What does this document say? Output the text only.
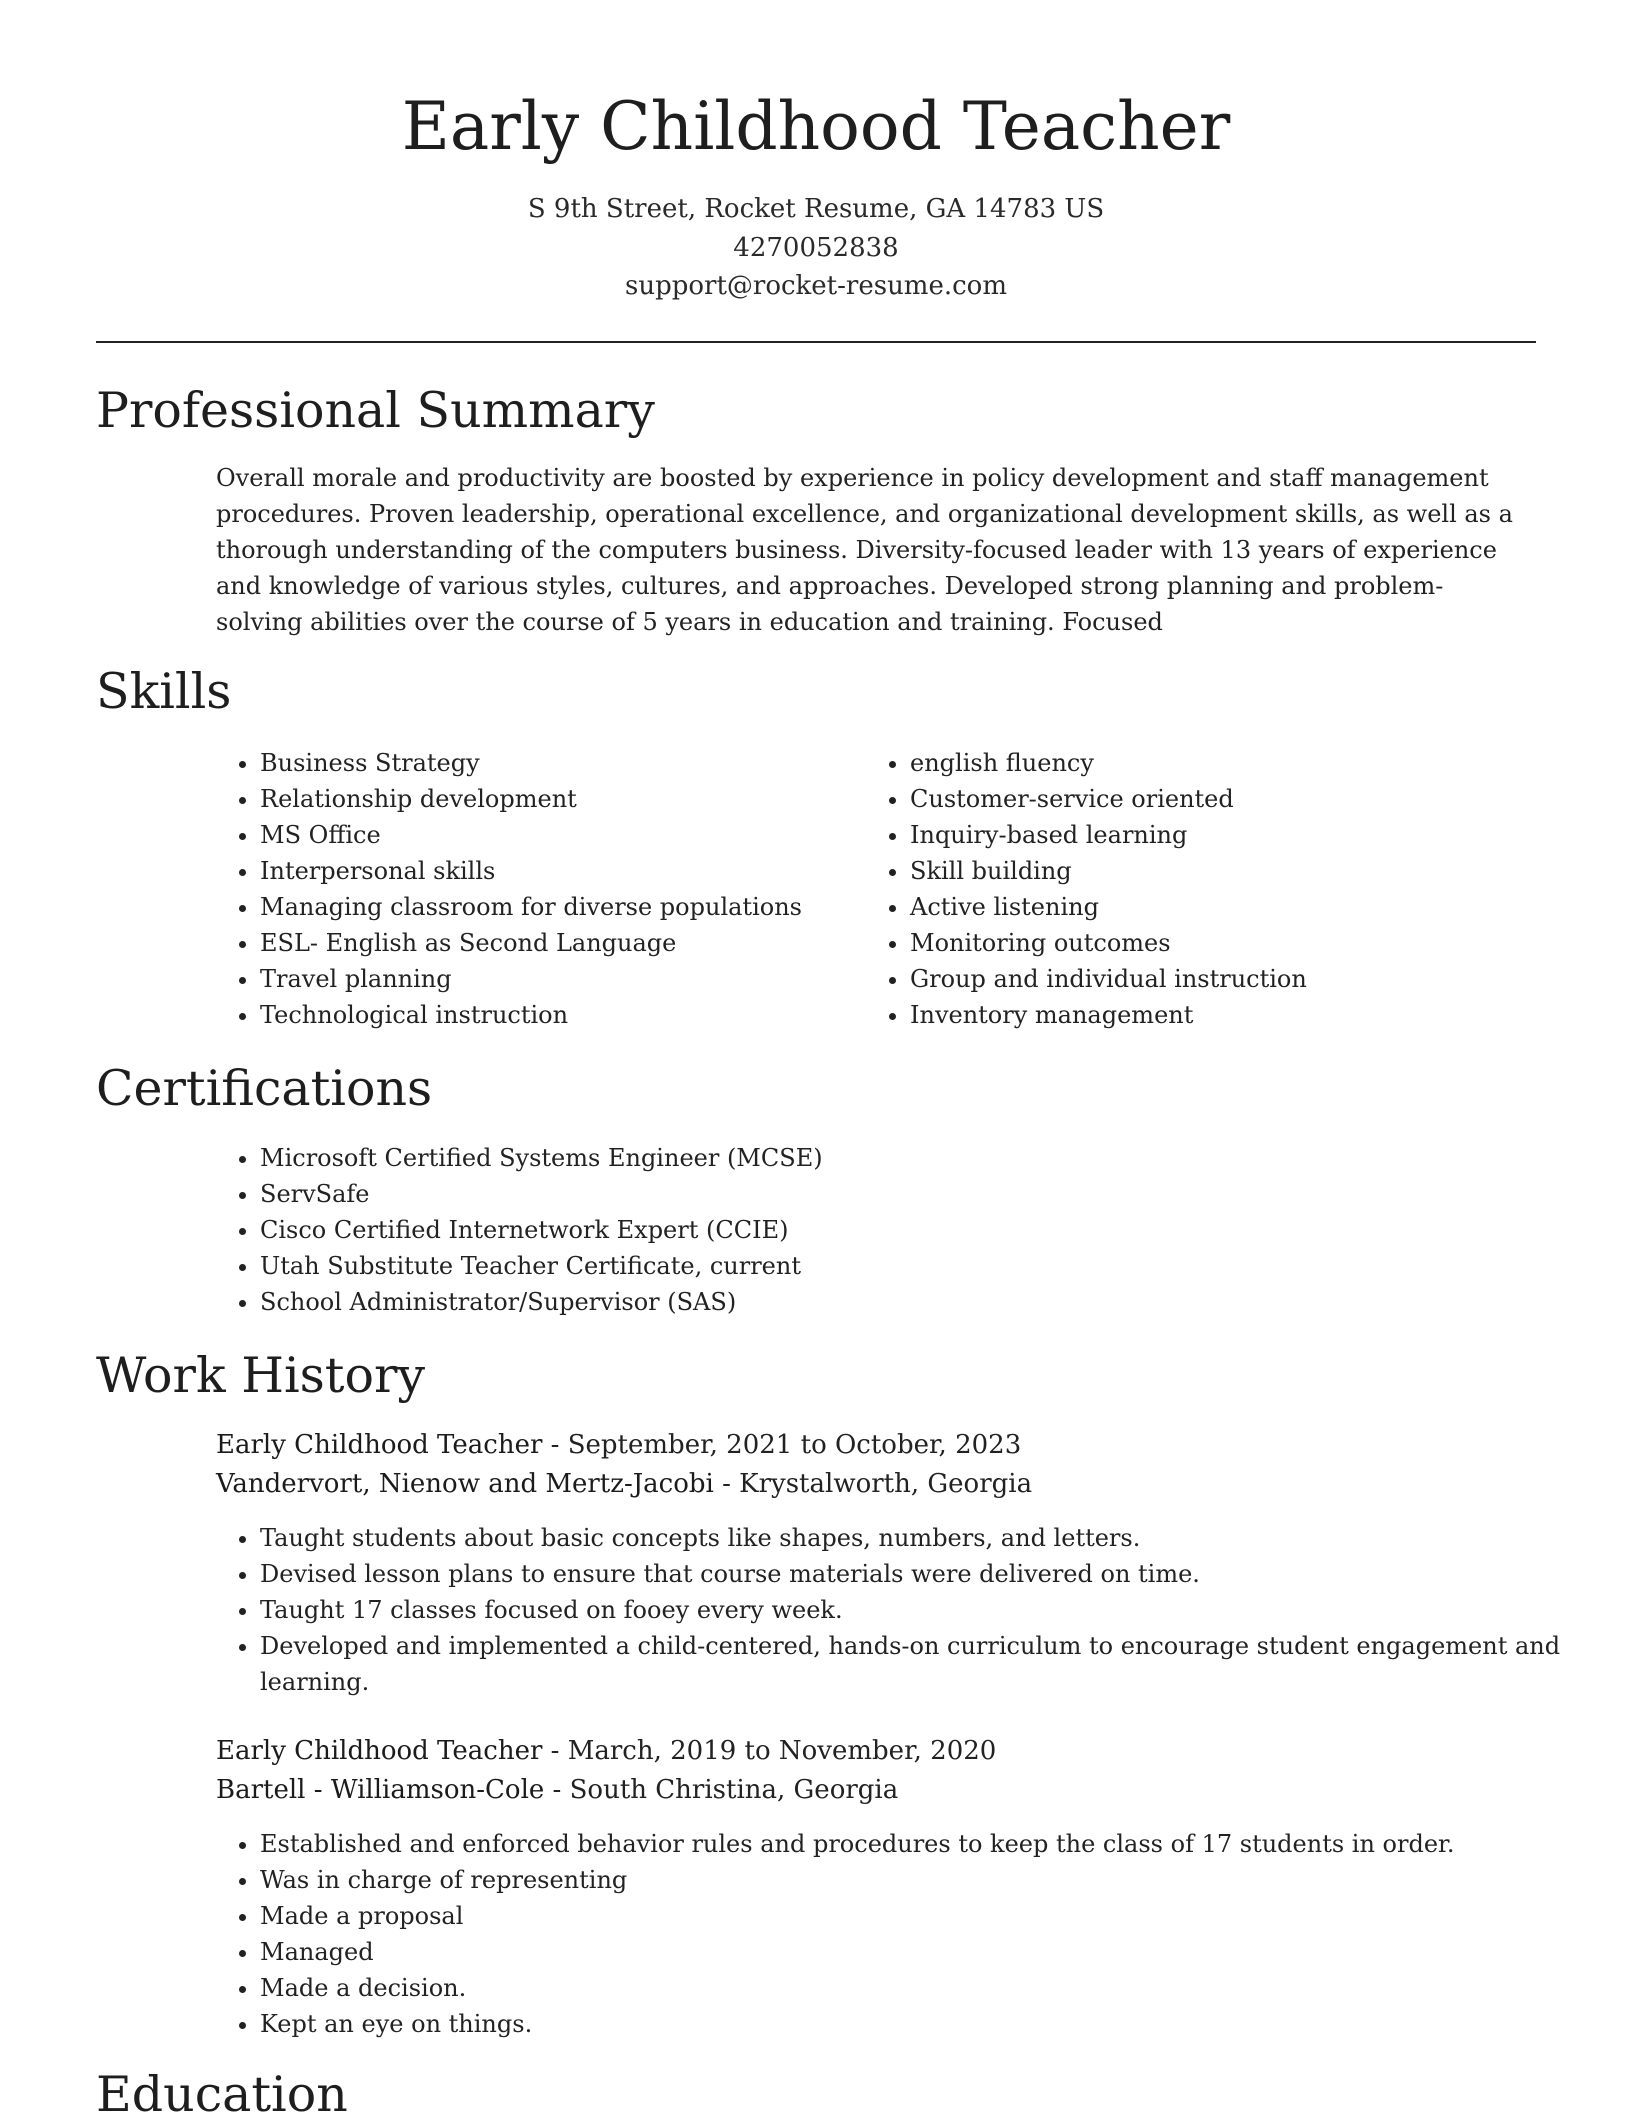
Early Childhood Teacher
S 9th Street, Rocket Resume, GA 14783 US
4270052838
support@rocket-resume.com
Professional Summary

Overall morale and productivity are boosted by experience in policy development and staff management procedures. Proven leadership, operational excellence, and organizational development skills, as well as a thorough understanding of the computers business. Diversity-focused leader with 13 years of experience and knowledge of various styles, cultures, and approaches. Developed strong planning and problem-solving abilities over the course of 5 years in education and training. Focused

Skills
• Business Strategy
• Relationship development
• MS Office
• Interpersonal skills
• Managing classroom for diverse populations
• ESL- English as Second Language
• Travel planning
• Technological instruction
• english fluency
• Customer-service oriented
• Inquiry-based learning
• Skill building
• Active listening
• Monitoring outcomes
• Group and individual instruction
• Inventory management
Certifications
• Microsoft Certified Systems Engineer (MCSE)
• ServSafe
• Cisco Certified Internetwork Expert (CCIE)
• Utah Substitute Teacher Certificate, current
• School Administrator/Supervisor (SAS)
Work History
Early Childhood Teacher - September, 2021 to October, 2023
Vandervort, Nienow and Mertz-Jacobi - Krystalworth, Georgia
• Taught students about basic concepts like shapes, numbers, and letters.
• Devised lesson plans to ensure that course materials were delivered on time.
• Taught 17 classes focused on fooey every week.
• Developed and implemented a child-centered, hands-on curriculum to encourage student engagement and learning.
Early Childhood Teacher - March, 2019 to November, 2020
Bartell - Williamson-Cole - South Christina, Georgia
• Established and enforced behavior rules and procedures to keep the class of 17 students in order.
• Was in charge of representing
• Made a proposal
• Managed
• Made a decision.
• Kept an eye on things.
Education
